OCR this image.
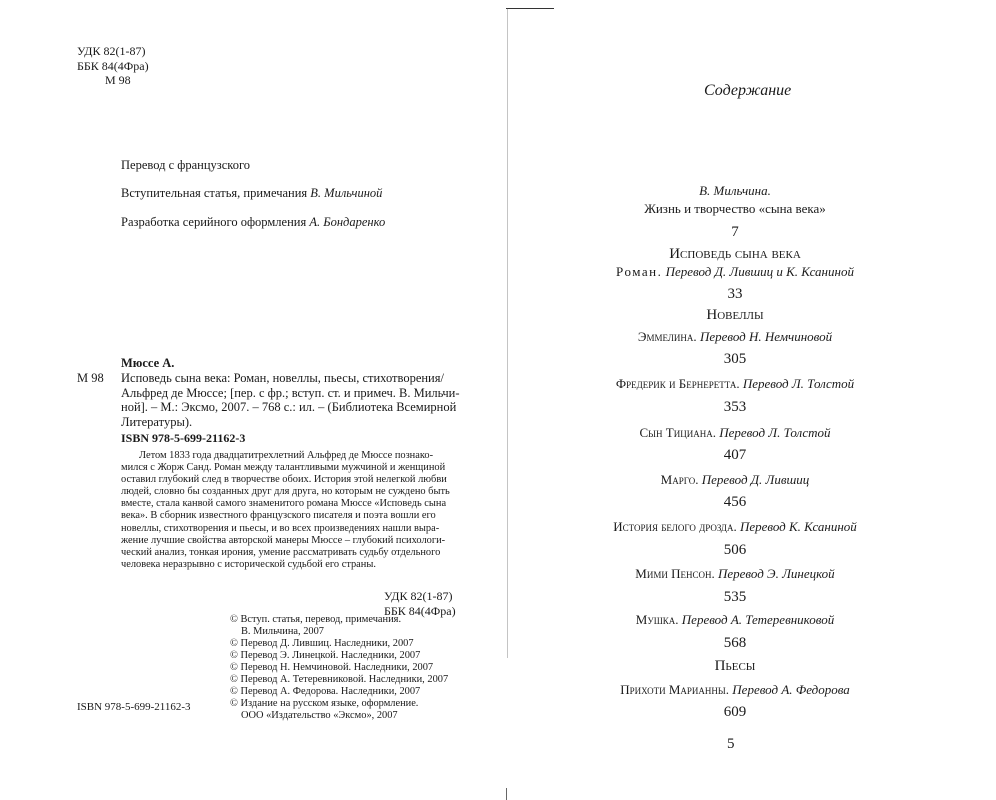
УДК 82(1-87)
ББК 84(4Фра)
М 98
Перевод с французского
Вступительная статья, примечания В. Мильчиной
Разработка серийного оформления А. Бондаренко
Мюссе А.
М 98 Исповедь сына века: Роман, новеллы, пьесы, стихотворения/
Альфред де Мюссе; [пер. с фр.; вступ. ст. и примеч. В. Мильчи-
ной]. – М.: Эксмо, 2007. – 768 с.: ил. – (Библиотека Всемирной
Литературы).
ISBN 978-5-699-21162-3
Летом 1833 года двадцатитрехлетний Альфред де Мюссе познако-
мился с Жорж Санд. Роман между талантливыми мужчиной и женщиной
оставил глубокий след в творчестве обоих. История этой нелегкой любви
людей, словно бы созданных друг для друга, но которым не суждено быть
вместе, стала канвой самого знаменитого романа Мюссе «Исповедь сына
века». В сборник известного французского писателя и поэта вошли его
новеллы, стихотворения и пьесы, и во всех произведениях нашли выра-
жение лучшие свойства авторской манеры Мюссе – глубокий психологи-
ческий анализ, тонкая ирония, умение рассматривать судьбу отдельного
человека неразрывно с исторической судьбой его страны.
УДК 82(1-87)
ББК 84(4Фра)
© Вступ. статья, перевод, примечания.
В. Мильчина, 2007
© Перевод Д. Лившиц. Наследники, 2007
© Перевод Э. Линецкой. Наследники, 2007
© Перевод Н. Немчиновой. Наследники, 2007
© Перевод А. Тетеревниковой. Наследники, 2007
© Перевод А. Федорова. Наследники, 2007
© Издание на русском языке, оформление.
ООО «Издательство «Эксмо», 2007
ISBN 978-5-699-21162-3
Содержание
В. Мильчина.
Жизнь и творчество «сына века»
7
Исповедь сына века
Роман. Перевод Д. Лившиц и К. Ксаниной
33
Новеллы
Эммелина. Перевод Н. Немчиновой
305
Фредерик и Бернеретта. Перевод Л. Толстой
353
Сын Тициана. Перевод Л. Толстой
407
Марго. Перевод Д. Лившиц
456
История белого дрозда. Перевод К. Ксаниной
506
Мими Пенсон. Перевод Э. Линецкой
535
Мушка. Перевод А. Тетеревниковой
568
Пьесы
Прихоти Марианны. Перевод А. Федорова
609
5
